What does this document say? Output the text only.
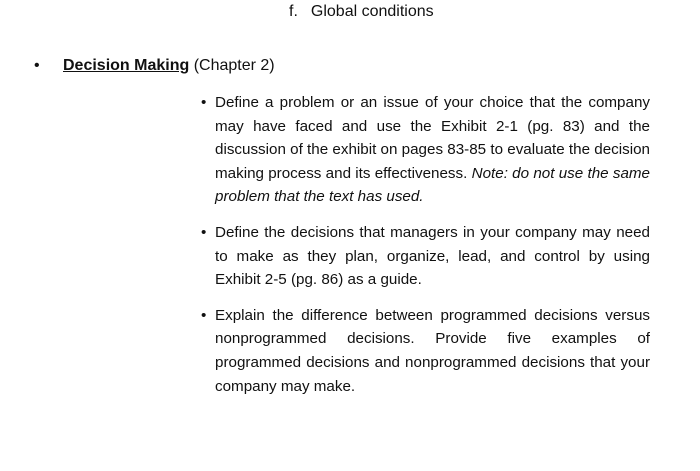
f. Global conditions
• Decision Making (Chapter 2)
• Define a problem or an issue of your choice that the company may have faced and use the Exhibit 2-1 (pg. 83) and the discussion of the exhibit on pages 83-85 to evaluate the decision making process and its effectiveness. Note: do not use the same problem that the text has used.
• Define the decisions that managers in your company may need to make as they plan, organize, lead, and control by using Exhibit 2-5 (pg. 86) as a guide.
• Explain the difference between programmed decisions versus nonprogrammed decisions. Provide five examples of programmed decisions and nonprogrammed decisions that your company may make.
